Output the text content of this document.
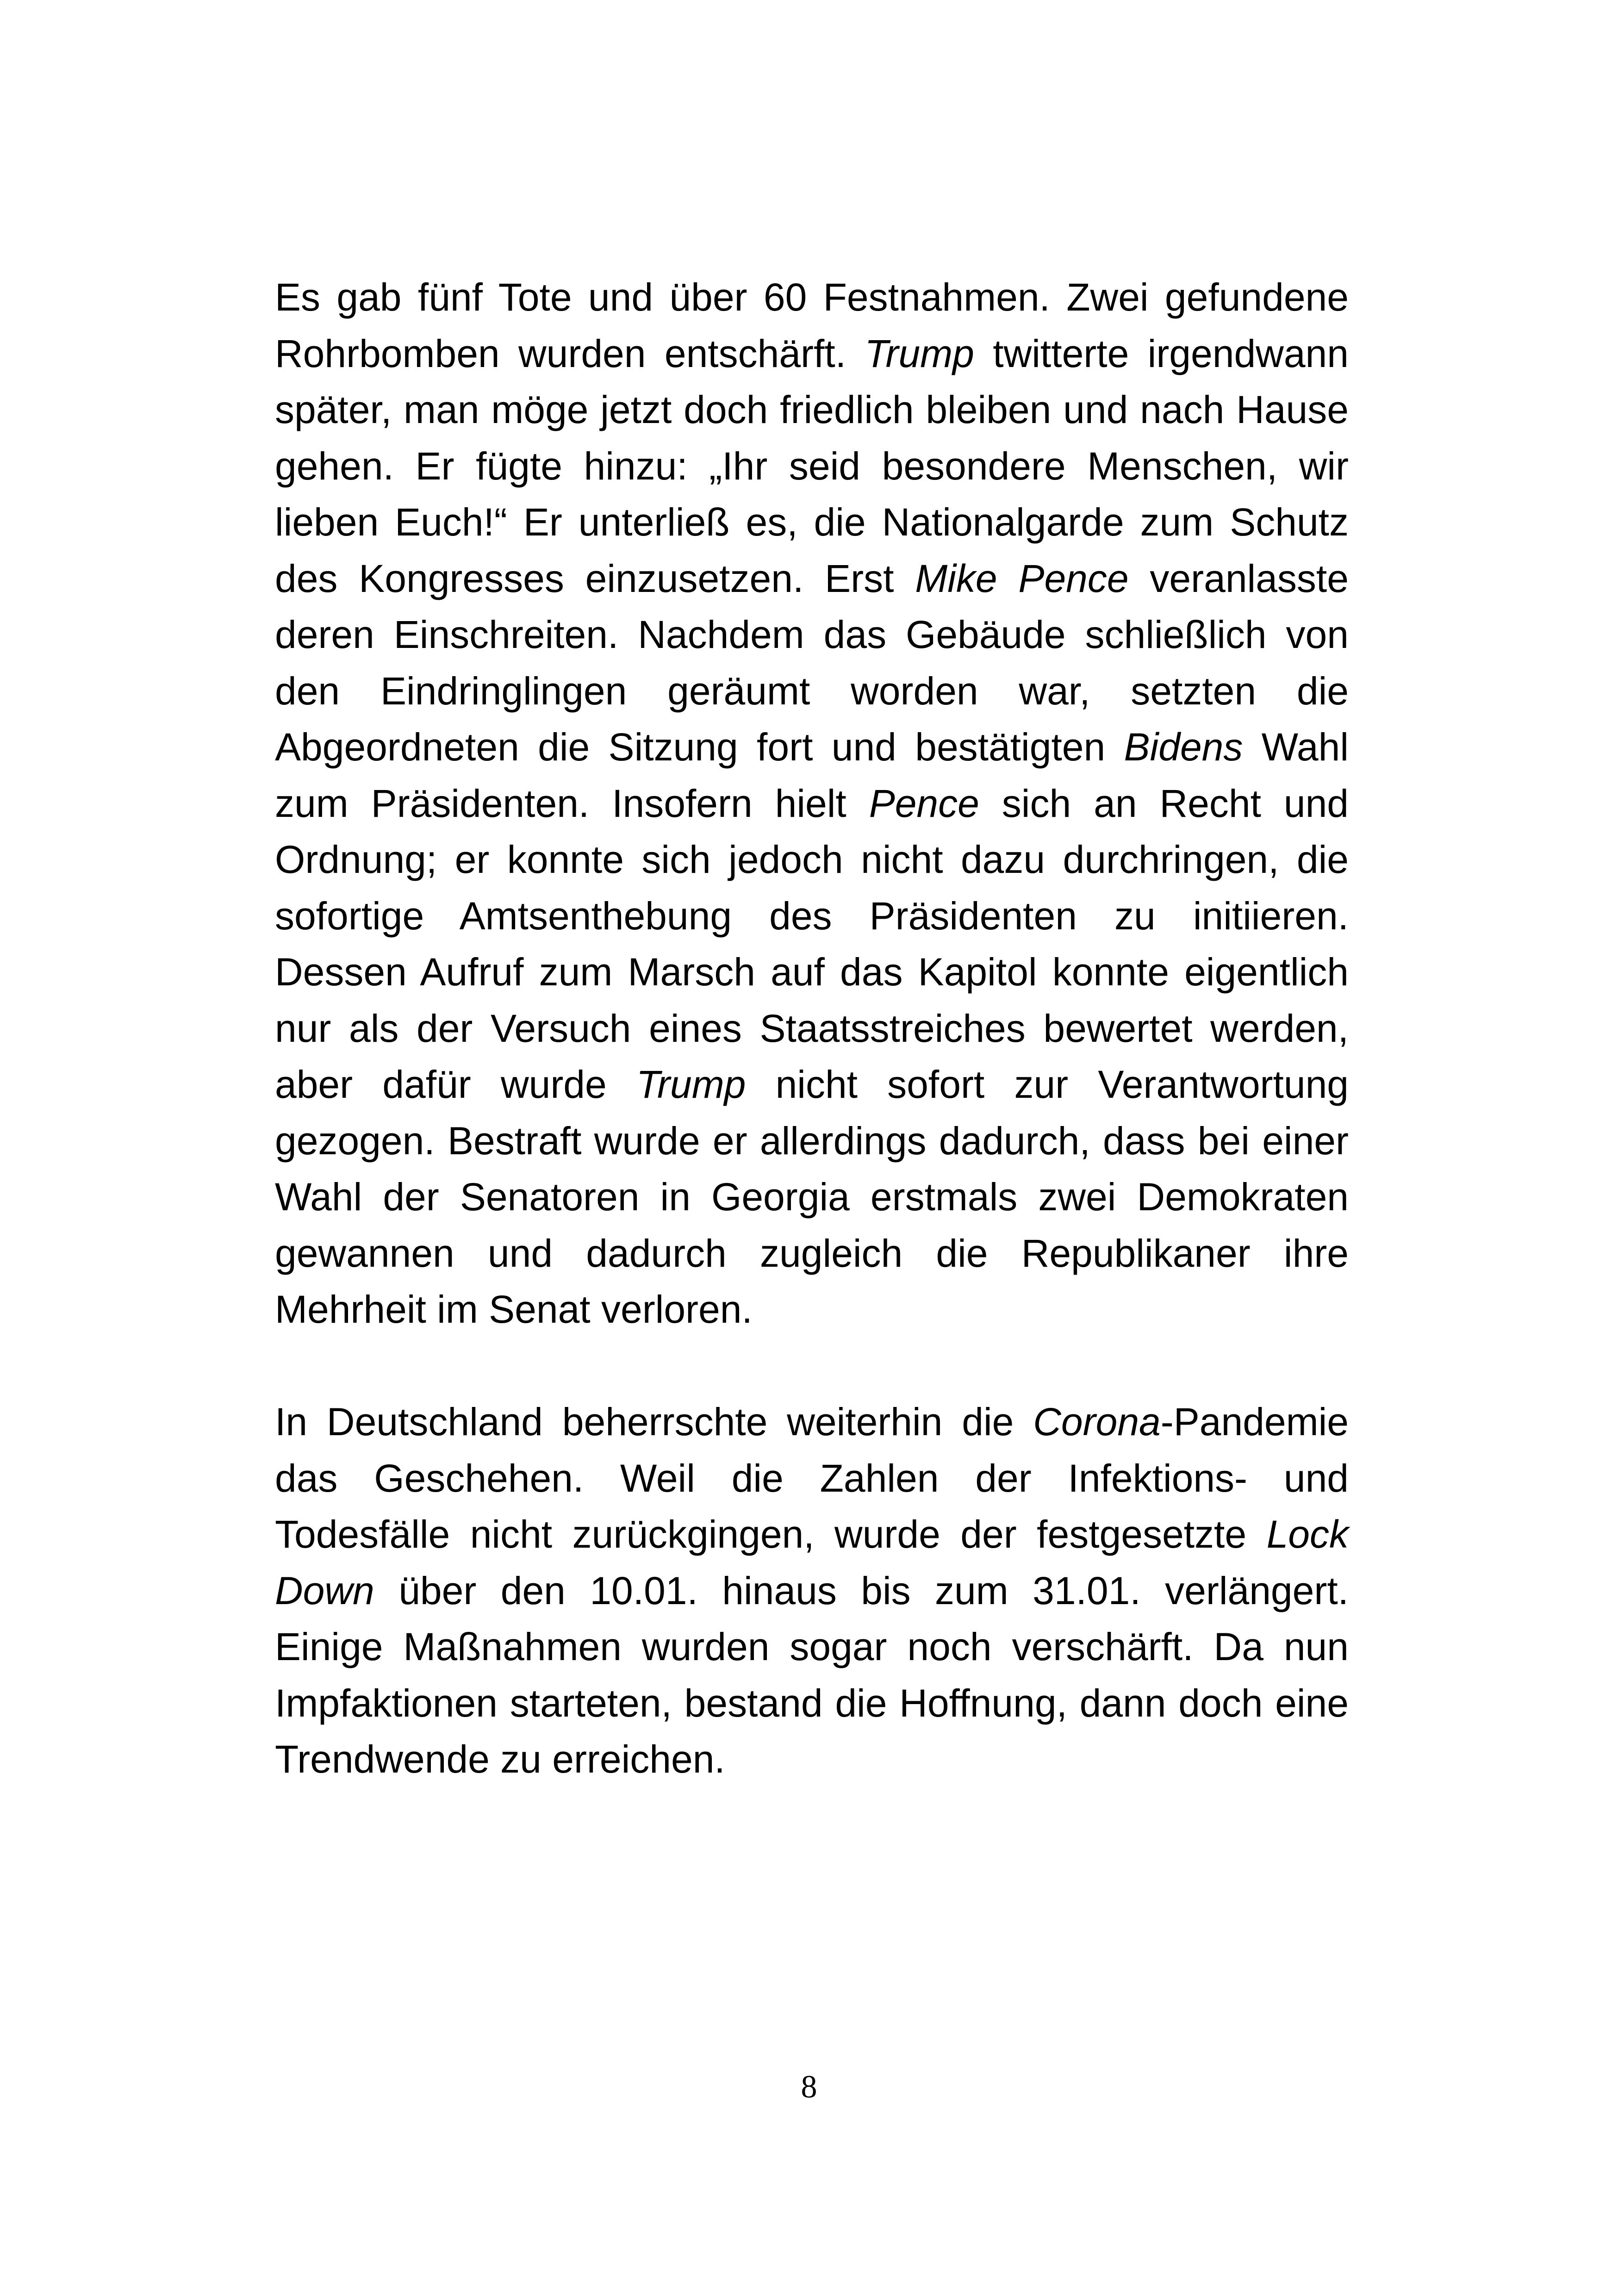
Es gab fünf Tote und über 60 Festnahmen. Zwei gefundene Rohrbomben wurden entschärft. Trump twitterte irgendwann später, man möge jetzt doch friedlich bleiben und nach Hause gehen. Er fügte hinzu: „Ihr seid besondere Menschen, wir lieben Euch!“ Er unterließ es, die Nationalgarde zum Schutz des Kongresses einzusetzen. Erst Mike Pence veranlasste deren Einschreiten. Nachdem das Gebäude schließlich von den Eindringlingen geräumt worden war, setzten die Abgeordneten die Sitzung fort und bestätigten Bidens Wahl zum Präsidenten. Insofern hielt Pence sich an Recht und Ordnung; er konnte sich jedoch nicht dazu durchringen, die sofortige Amtsenthebung des Präsidenten zu initiieren. Dessen Aufruf zum Marsch auf das Kapitol konnte eigentlich nur als der Versuch eines Staatsstreiches bewertet werden, aber dafür wurde Trump nicht sofort zur Verantwortung gezogen. Bestraft wurde er allerdings dadurch, dass bei einer Wahl der Senatoren in Georgia erstmals zwei Demokraten gewannen und dadurch zugleich die Republikaner ihre Mehrheit im Senat verloren.

In Deutschland beherrschte weiterhin die Corona-Pandemie das Geschehen. Weil die Zahlen der Infektions- und Todesfälle nicht zurückgingen, wurde der festgesetzte Lock Down über den 10.01. hinaus bis zum 31.01. verlängert. Einige Maßnahmen wurden sogar noch verschärft. Da nun Impfaktionen starteten, bestand die Hoffnung, dann doch eine Trendwende zu erreichen.

8
